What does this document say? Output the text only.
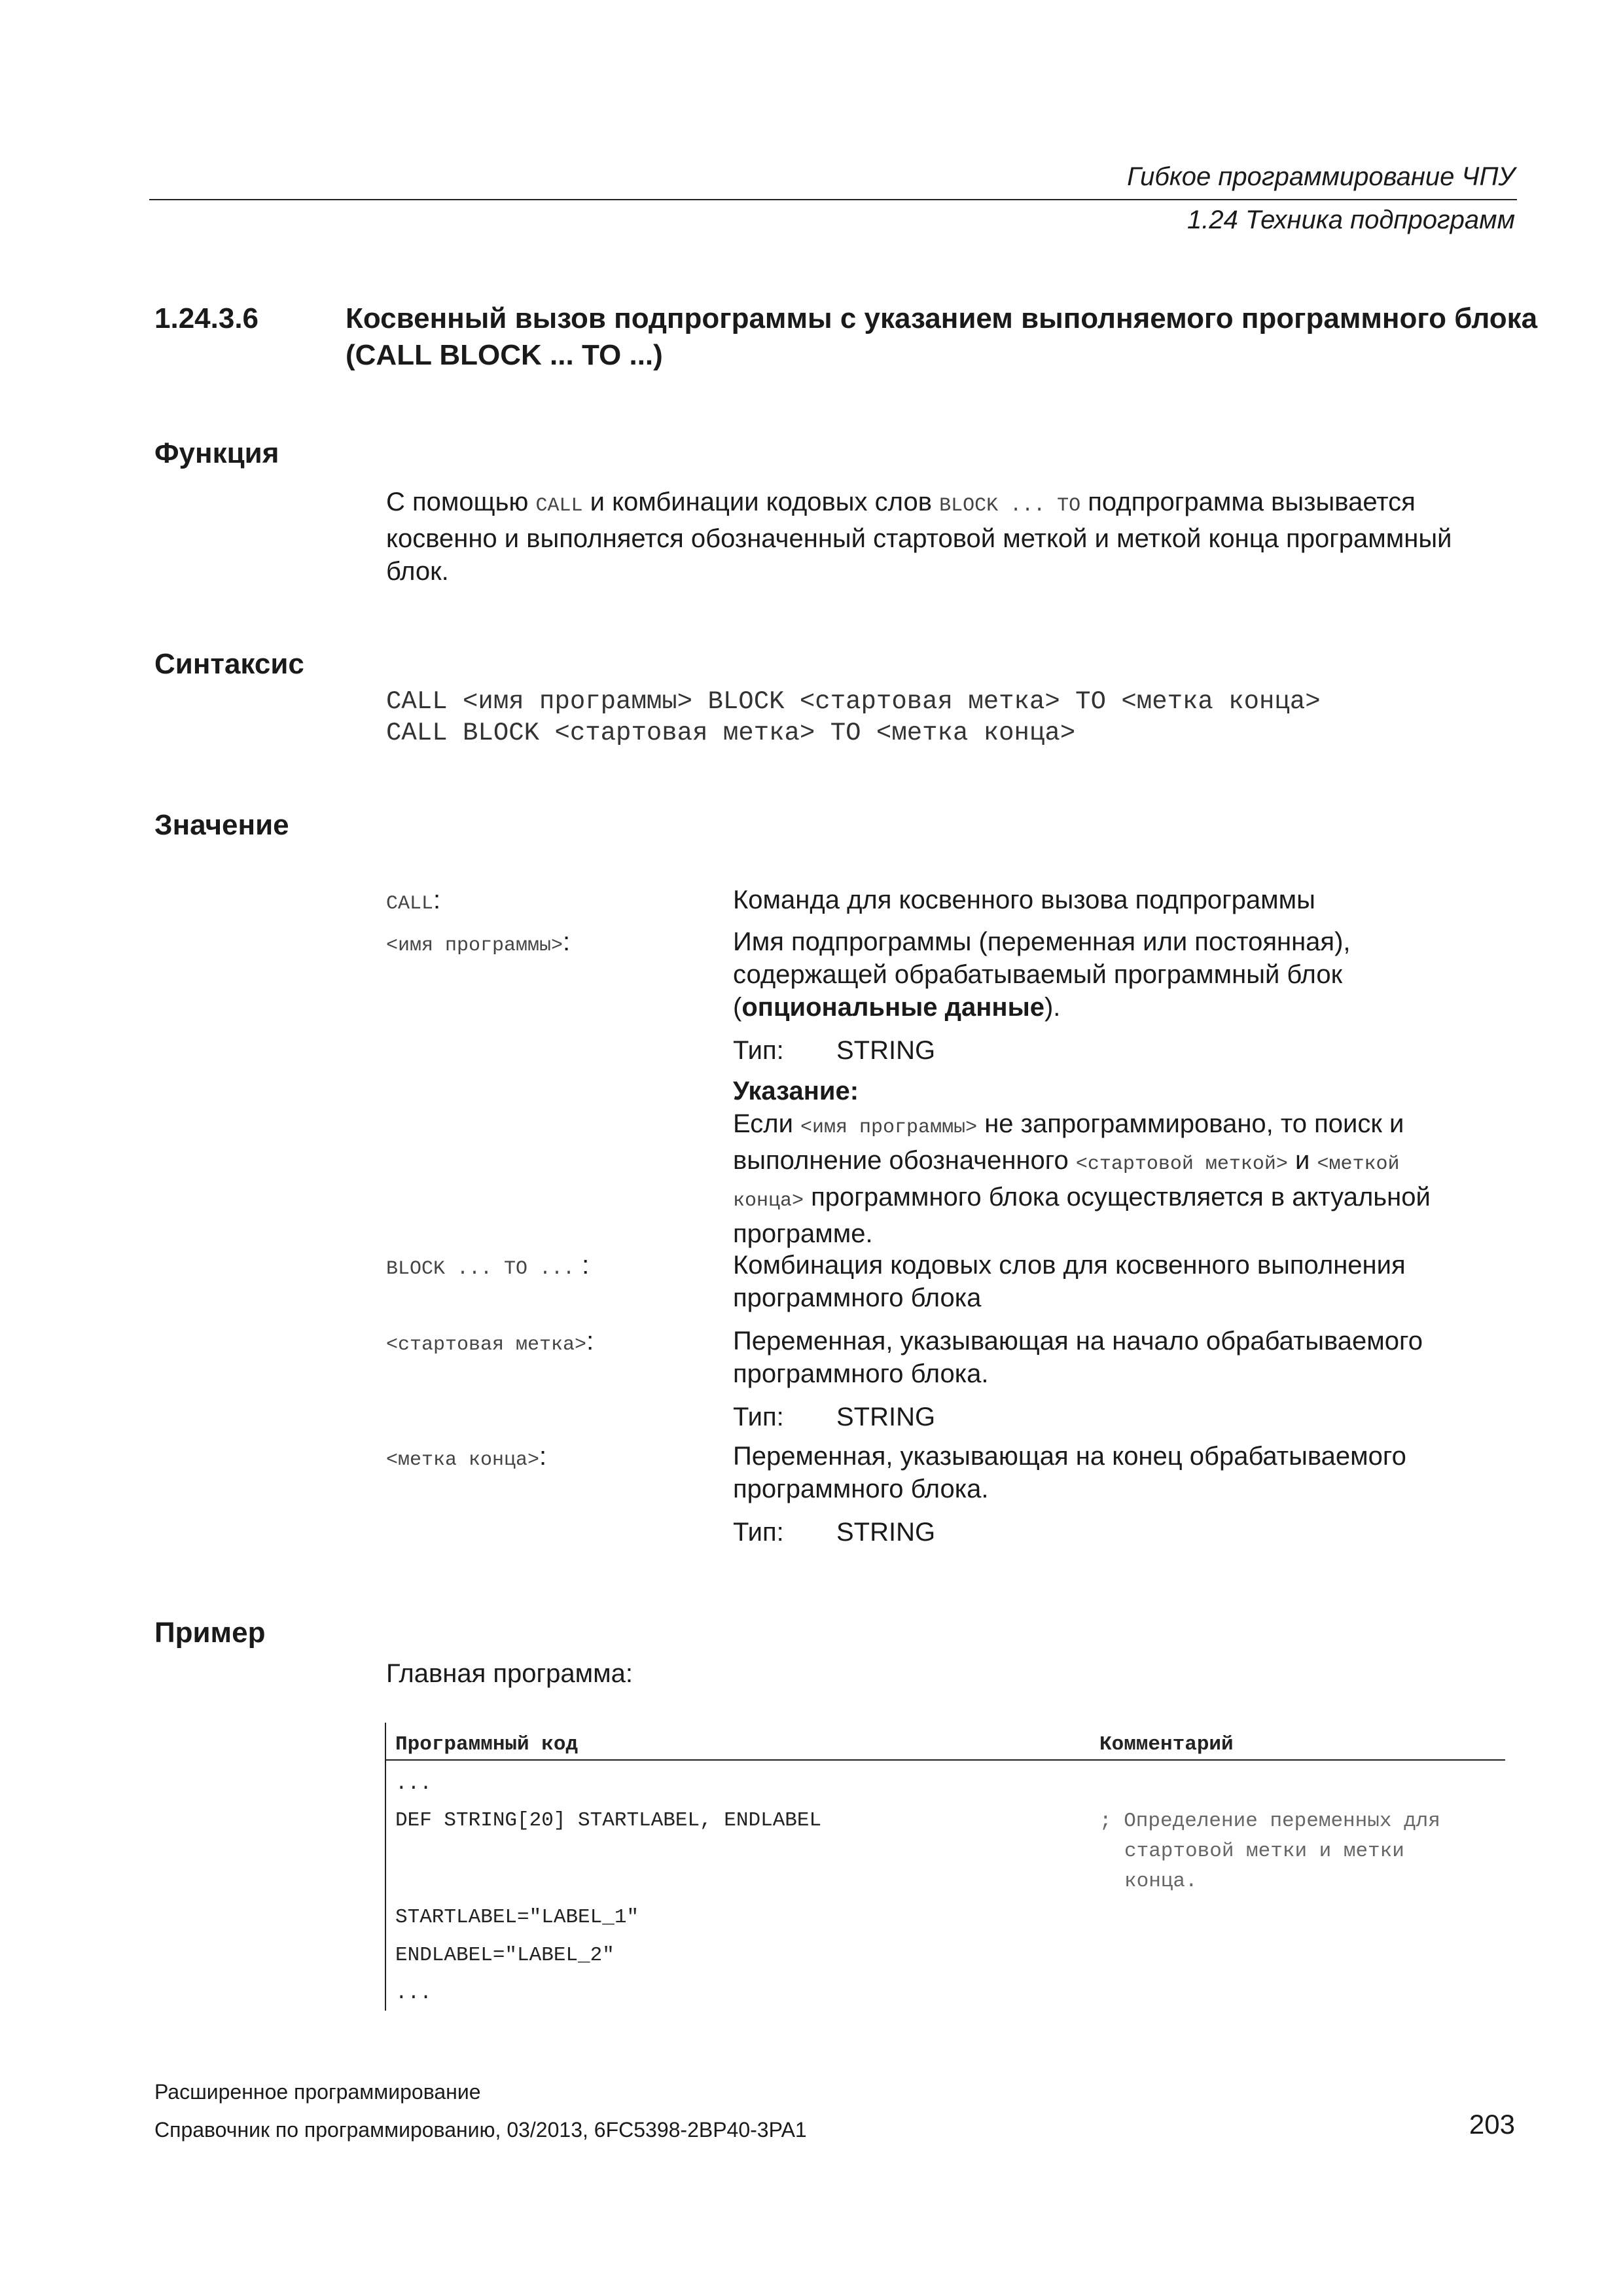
Гибкое программирование ЧПУ
1.24 Техника подпрограмм
1.24.3.6	Косвенный вызов подпрограммы с указанием выполняемого программного блока
(CALL BLOCK ... TO ...)
Функция
С помощью CALL и комбинации кодовых слов BLOCK ... TO подпрограмма вызывается
косвенно и выполняется обозначенный стартовой меткой и меткой конца программный
блок.
Синтаксис
CALL <имя программы> BLOCK <стартовая метка> TO <метка конца>
CALL BLOCK <стартовая метка> TO <метка конца>
Значение
CALL:	Команда для косвенного вызова подпрограммы
<имя программы>:	Имя подпрограммы (переменная или постоянная),
содержащей обрабатываемый программный блок
(опциональные данные).
Тип: STRING
Указание:
Если <имя программы> не запрограммировано, то поиск и
выполнение обозначенного <стартовой меткой> и <меткой
конца> программного блока осуществляется в актуальной
программе.
BLOCK ... TO ... :	Комбинация кодовых слов для косвенного выполнения
программного блока
<стартовая метка>:	Переменная, указывающая на начало обрабатываемого
программного блока.
Тип: STRING
<метка конца>:	Переменная, указывающая на конец обрабатываемого
программного блока.
Тип: STRING
Пример
Главная программа:
Программный код	Комментарий
...
DEF STRING[20] STARTLABEL, ENDLABEL	; Определение переменных для
стартовой метки и метки
конца.
STARTLABEL="LABEL_1"
ENDLABEL="LABEL_2"
...
Расширенное программирование
Справочник по программированию, 03/2013, 6FC5398-2BP40-3PA1	203
